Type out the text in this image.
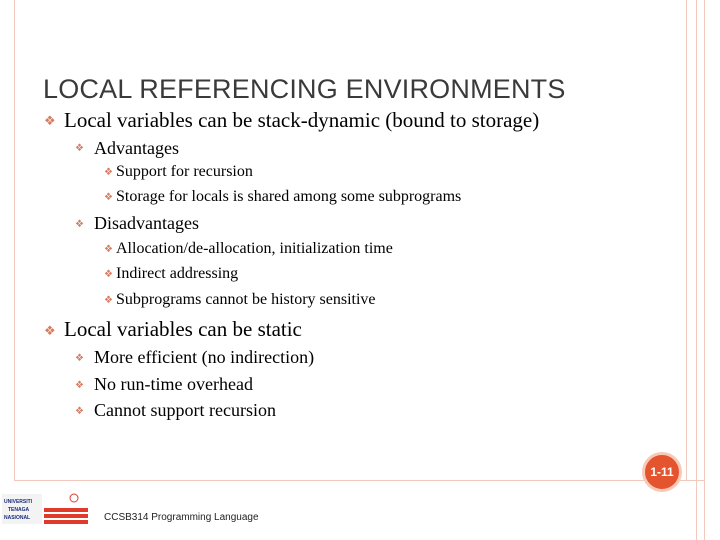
LOCAL REFERENCING ENVIRONMENTS
❖ Local variables can be stack-dynamic (bound to storage)
❖ Advantages
❖ Support for recursion
❖ Storage for locals is shared among some subprograms
❖ Disadvantages
❖ Allocation/de-allocation, initialization time
❖ Indirect addressing
❖ Subprograms cannot be history sensitive
❖ Local variables can be static
❖ More efficient (no indirection)
❖ No run-time overhead
❖ Cannot support recursion
1-11
UNIVERSITI
TENAGA
NASIONAL	CCSB314 Programming Language
